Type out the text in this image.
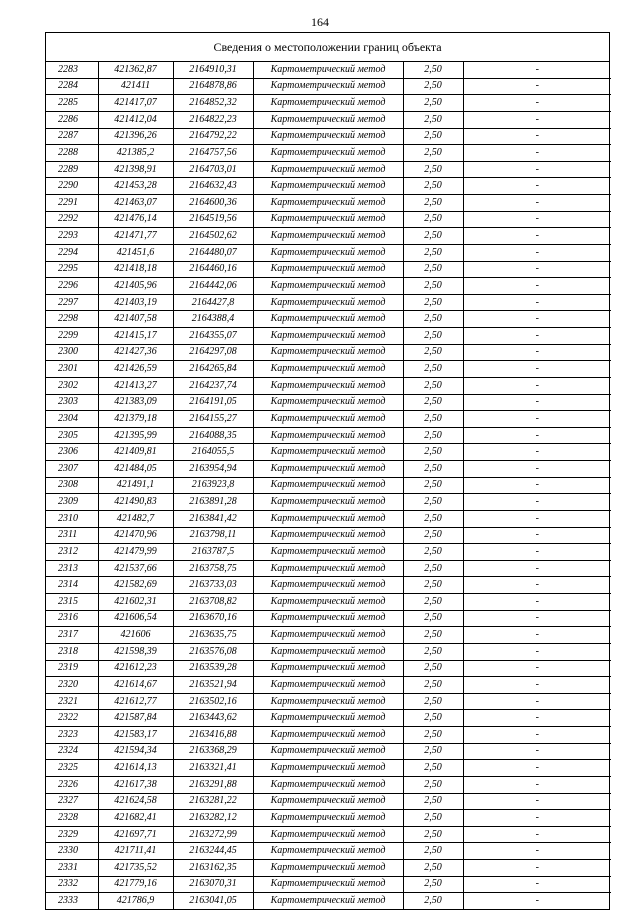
164
Сведения о местоположении границ объекта
2283	421362,87	2164910,31	Картометрический метод	2,50	-
2284	421411	2164878,86	Картометрический метод	2,50	-
2285	421417,07	2164852,32	Картометрический метод	2,50	-
2286	421412,04	2164822,23	Картометрический метод	2,50	-
2287	421396,26	2164792,22	Картометрический метод	2,50	-
2288	421385,2	2164757,56	Картометрический метод	2,50	-
2289	421398,91	2164703,01	Картометрический метод	2,50	-
2290	421453,28	2164632,43	Картометрический метод	2,50	-
2291	421463,07	2164600,36	Картометрический метод	2,50	-
2292	421476,14	2164519,56	Картометрический метод	2,50	-
2293	421471,77	2164502,62	Картометрический метод	2,50	-
2294	421451,6	2164480,07	Картометрический метод	2,50	-
2295	421418,18	2164460,16	Картометрический метод	2,50	-
2296	421405,96	2164442,06	Картометрический метод	2,50	-
2297	421403,19	2164427,8	Картометрический метод	2,50	-
2298	421407,58	2164388,4	Картометрический метод	2,50	-
2299	421415,17	2164355,07	Картометрический метод	2,50	-
2300	421427,36	2164297,08	Картометрический метод	2,50	-
2301	421426,59	2164265,84	Картометрический метод	2,50	-
2302	421413,27	2164237,74	Картометрический метод	2,50	-
2303	421383,09	2164191,05	Картометрический метод	2,50	-
2304	421379,18	2164155,27	Картометрический метод	2,50	-
2305	421395,99	2164088,35	Картометрический метод	2,50	-
2306	421409,81	2164055,5	Картометрический метод	2,50	-
2307	421484,05	2163954,94	Картометрический метод	2,50	-
2308	421491,1	2163923,8	Картометрический метод	2,50	-
2309	421490,83	2163891,28	Картометрический метод	2,50	-
2310	421482,7	2163841,42	Картометрический метод	2,50	-
2311	421470,96	2163798,11	Картометрический метод	2,50	-
2312	421479,99	2163787,5	Картометрический метод	2,50	-
2313	421537,66	2163758,75	Картометрический метод	2,50	-
2314	421582,69	2163733,03	Картометрический метод	2,50	-
2315	421602,31	2163708,82	Картометрический метод	2,50	-
2316	421606,54	2163670,16	Картометрический метод	2,50	-
2317	421606	2163635,75	Картометрический метод	2,50	-
2318	421598,39	2163576,08	Картометрический метод	2,50	-
2319	421612,23	2163539,28	Картометрический метод	2,50	-
2320	421614,67	2163521,94	Картометрический метод	2,50	-
2321	421612,77	2163502,16	Картометрический метод	2,50	-
2322	421587,84	2163443,62	Картометрический метод	2,50	-
2323	421583,17	2163416,88	Картометрический метод	2,50	-
2324	421594,34	2163368,29	Картометрический метод	2,50	-
2325	421614,13	2163321,41	Картометрический метод	2,50	-
2326	421617,38	2163291,88	Картометрический метод	2,50	-
2327	421624,58	2163281,22	Картометрический метод	2,50	-
2328	421682,41	2163282,12	Картометрический метод	2,50	-
2329	421697,71	2163272,99	Картометрический метод	2,50	-
2330	421711,41	2163244,45	Картометрический метод	2,50	-
2331	421735,52	2163162,35	Картометрический метод	2,50	-
2332	421779,16	2163070,31	Картометрический метод	2,50	-
2333	421786,9	2163041,05	Картометрический метод	2,50	-
